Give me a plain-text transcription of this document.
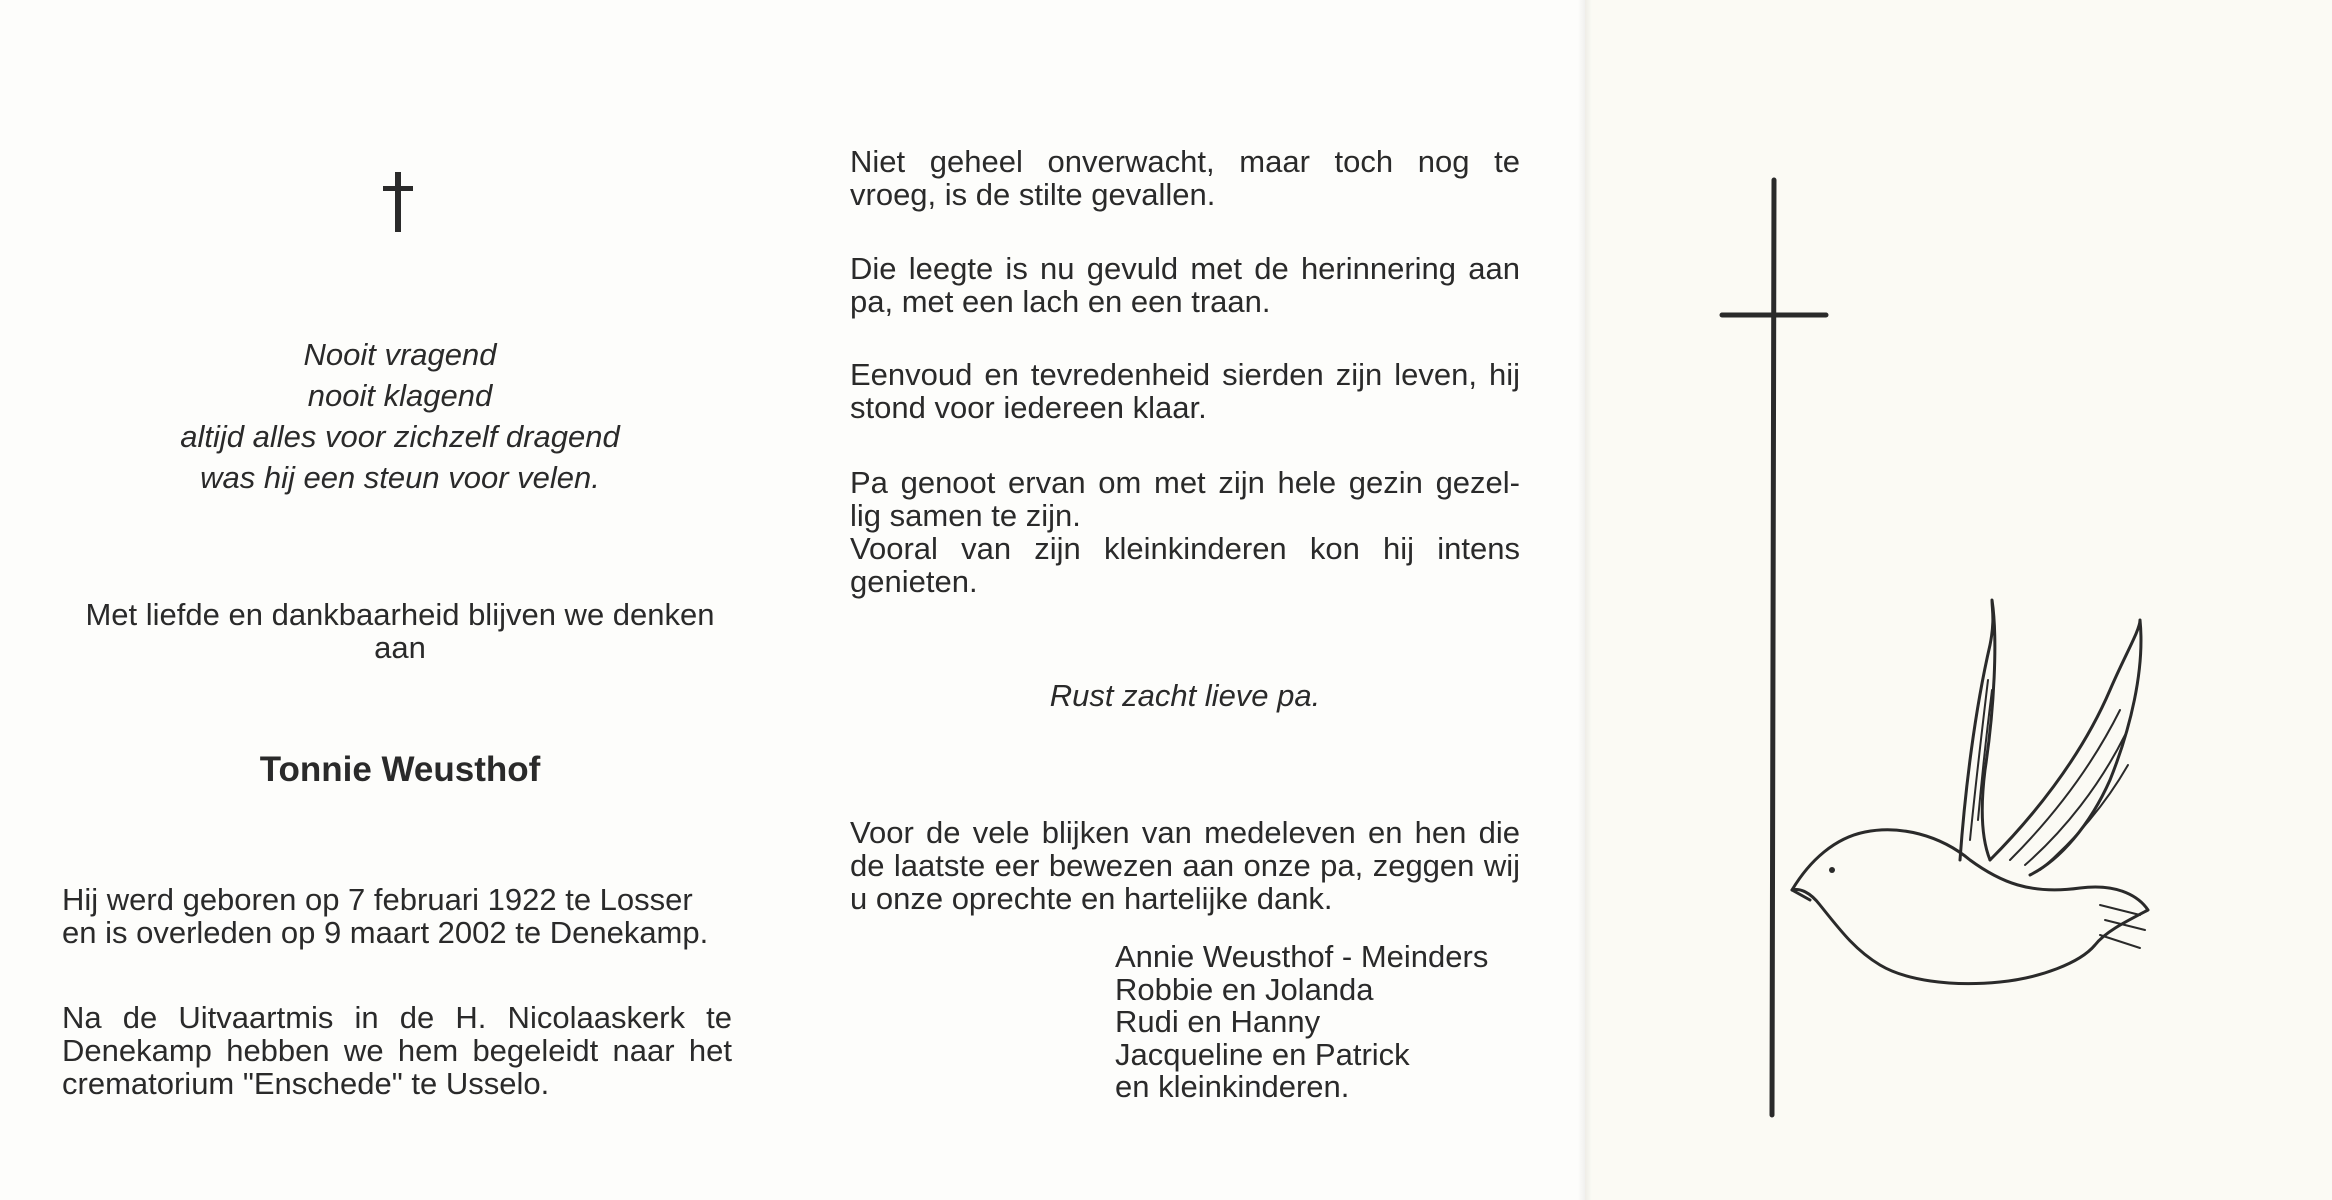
Nooit vragend
nooit klagend
altijd alles voor zichzelf dragend
was hij een steun voor velen.
Met liefde en dankbaarheid blijven we denken
aan
Tonnie Weusthof
Hij werd geboren op 7 februari 1922 te Losser
en is overleden op 9 maart 2002 te Denekamp.
Na de Uitvaartmis in de H. Nicolaaskerk te
Denekamp hebben we hem begeleidt naar het
crematorium "Enschede" te Usselo.
Niet geheel onverwacht, maar toch nog te
vroeg, is de stilte gevallen.
Die leegte is nu gevuld met de herinnering aan
pa, met een lach en een traan.
Eenvoud en tevredenheid sierden zijn leven, hij
stond voor iedereen klaar.
Pa genoot ervan om met zijn hele gezin gezel-
lig samen te zijn.
Vooral van zijn kleinkinderen kon hij intens
genieten.
Rust zacht lieve pa.
Voor de vele blijken van medeleven en hen die
de laatste eer bewezen aan onze pa, zeggen wij
u onze oprechte en hartelijke dank.
Annie Weusthof - Meinders
Robbie en Jolanda
Rudi en Hanny
Jacqueline en Patrick
en kleinkinderen.
